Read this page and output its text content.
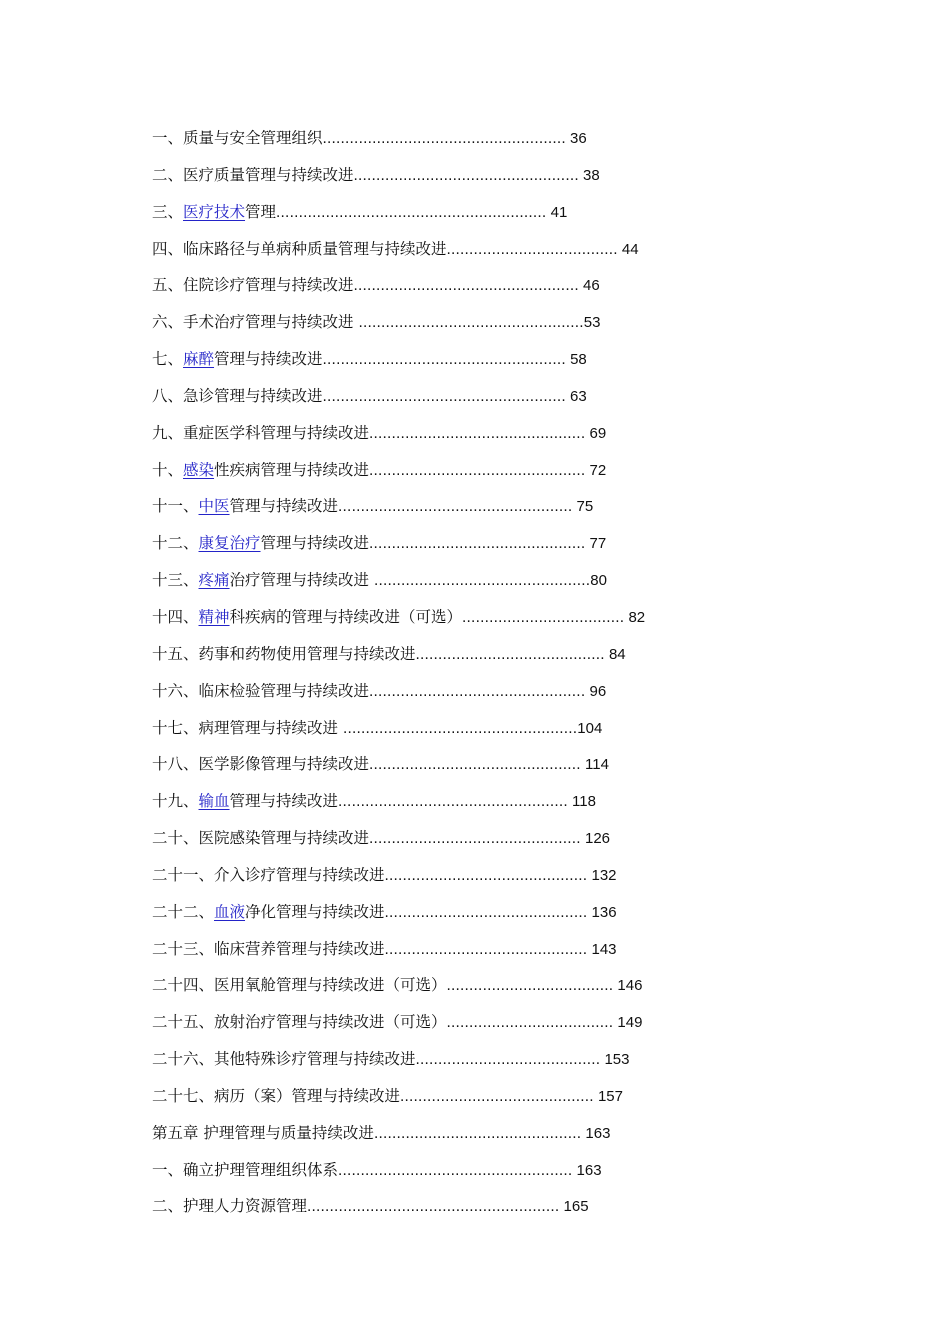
一、质量与安全管理组织...................................................... 36
二、医疗质量管理与持续改进.................................................. 38
三、医疗技术管理............................................................ 41
四、临床路径与单病种质量管理与持续改进...................................... 44
五、住院诊疗管理与持续改进.................................................. 46
六、手术治疗管理与持续改进 ..................................................53
七、麻醉管理与持续改进...................................................... 58
八、急诊管理与持续改进...................................................... 63
九、重症医学科管理与持续改进................................................ 69
十、感染性疾病管理与持续改进................................................ 72
十一、中医管理与持续改进.................................................... 75
十二、康复治疗管理与持续改进................................................ 77
十三、疼痛治疗管理与持续改进 ................................................80
十四、精神科疾病的管理与持续改进（可选）.................................... 82
十五、药事和药物使用管理与持续改进.......................................... 84
十六、临床检验管理与持续改进................................................ 96
十七、病理管理与持续改进 ....................................................104
十八、医学影像管理与持续改进............................................... 114
十九、输血管理与持续改进................................................... 118
二十、医院感染管理与持续改进............................................... 126
二十一、介入诊疗管理与持续改进............................................. 132
二十二、血液净化管理与持续改进............................................. 136
二十三、临床营养管理与持续改进............................................. 143
二十四、医用氧舱管理与持续改进（可选）..................................... 146
二十五、放射治疗管理与持续改进（可选）..................................... 149
二十六、其他特殊诊疗管理与持续改进......................................... 153
二十七、病历（案）管理与持续改进........................................... 157
第五章 护理管理与质量持续改进.............................................. 163
一、确立护理管理组织体系.................................................... 163
二、护理人力资源管理........................................................ 165
